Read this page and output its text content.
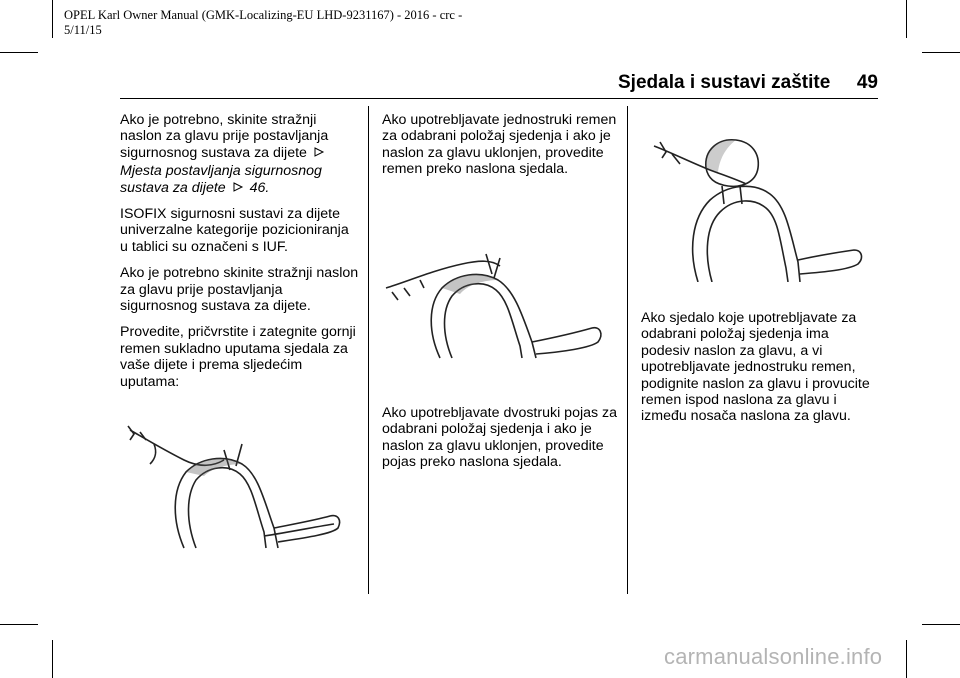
OPEL Karl Owner Manual (GMK-Localizing-EU LHD-9231167) - 2016 - crc -
5/11/15
Sjedala i sustavi zaštite 49

Ako je potrebno, skinite stražnji naslon za glavu prije postavljanja sigurnosnog sustava za dijete

Mjesta postavljanja sigurnosnog sustava za dijete 46.

ISOFIX sigurnosni sustavi za dijete univerzalne kategorije pozicioniranja u tablici su označeni s IUF.

Ako je potrebno skinite stražnji naslon za glavu prije postavljanja sigurnosnog sustava za dijete.

Provedite, pričvrstite i zategnite gornji remen sukladno uputama sjedala za vaše dijete i prema sljedećim uputama:

Ako upotrebljavate jednostruki remen za odabrani položaj sjedenja i ako je naslon za glavu uklonjen, provedite remen preko naslona sjedala.

Ako upotrebljavate dvostruki pojas za odabrani položaj sjedenja i ako je naslon za glavu uklonjen, provedite pojas preko naslona sjedala.

Ako sjedalo koje upotrebljavate za odabrani položaj sjedenja ima podesiv naslon za glavu, a vi upotrebljavate jednostruku remen, podignite naslon za glavu i provucite remen ispod naslona za glavu i između nosača naslona za glavu.

carmanualsonline.info
